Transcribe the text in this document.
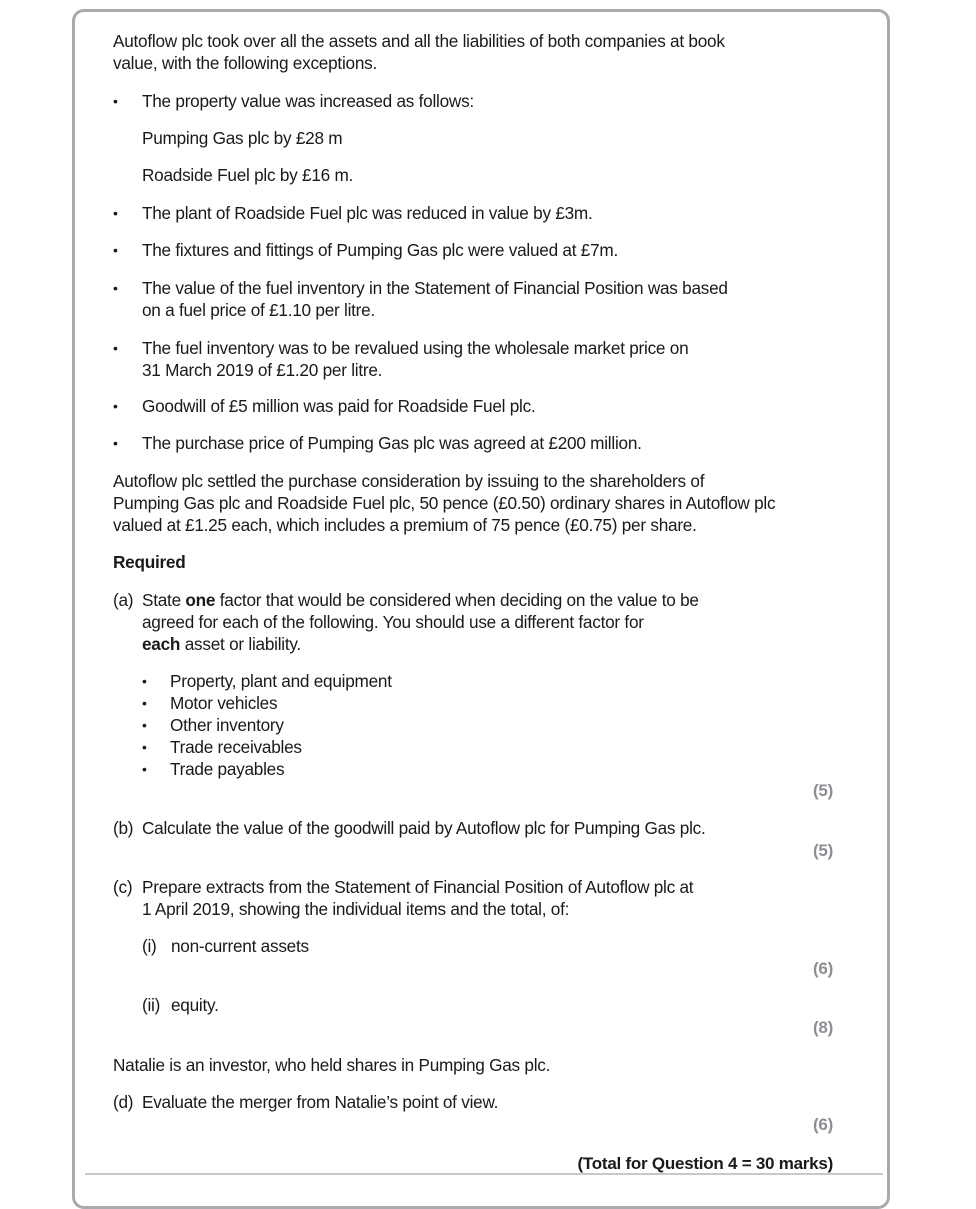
Autoflow plc took over all the assets and all the liabilities of both companies at book
value, with the following exceptions.
• The property value was increased as follows:
Pumping Gas plc by £28 m
Roadside Fuel plc by £16 m.
• The plant of Roadside Fuel plc was reduced in value by £3m.
• The fixtures and fittings of Pumping Gas plc were valued at £7m.
• The value of the fuel inventory in the Statement of Financial Position was based
on a fuel price of £1.10 per litre.
• The fuel inventory was to be revalued using the wholesale market price on
31 March 2019 of £1.20 per litre.
• Goodwill of £5 million was paid for Roadside Fuel plc.
• The purchase price of Pumping Gas plc was agreed at £200 million.
Autoflow plc settled the purchase consideration by issuing to the shareholders of
Pumping Gas plc and Roadside Fuel plc, 50 pence (£0.50) ordinary shares in Autoflow plc
valued at £1.25 each, which includes a premium of 75 pence (£0.75) per share.
Required
(a) State one factor that would be considered when deciding on the value to be
agreed for each of the following. You should use a different factor for
each asset or liability.
• Property, plant and equipment
• Motor vehicles
• Other inventory
• Trade receivables
• Trade payables
(5)
(b) Calculate the value of the goodwill paid by Autoflow plc for Pumping Gas plc.
(5)
(c) Prepare extracts from the Statement of Financial Position of Autoflow plc at
1 April 2019, showing the individual items and the total, of:
(i) non-current assets
(6)
(ii) equity.
(8)
Natalie is an investor, who held shares in Pumping Gas plc.
(d) Evaluate the merger from Natalie’s point of view.
(6)
(Total for Question 4 = 30 marks)
